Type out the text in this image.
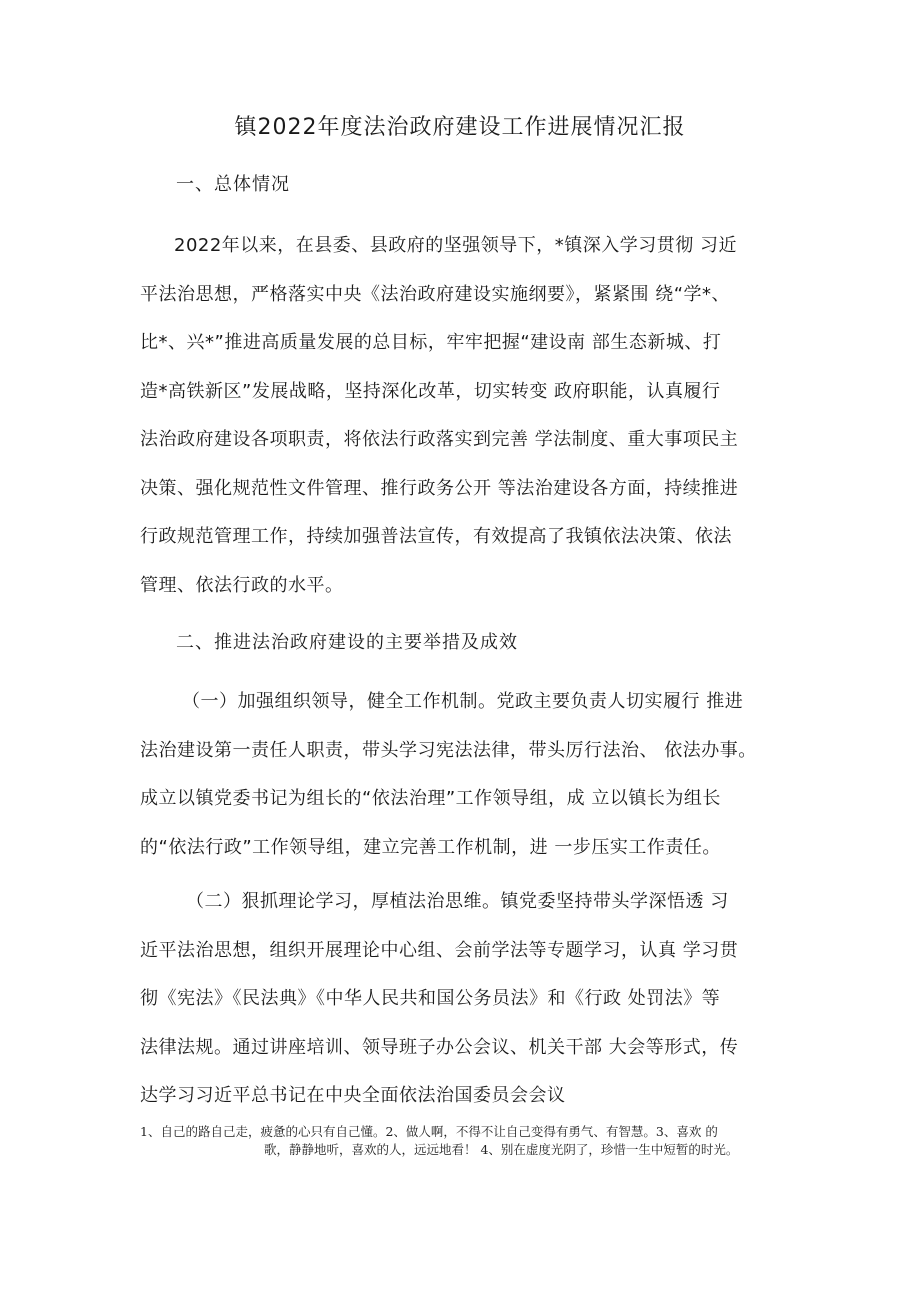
镇2022年度法治政府建设工作进展情况汇报
一、总体情况
2022年以来，在县委、县政府的坚强领导下，*镇深入学习贯彻 习近
平法治思想，严格落实中央《法治政府建设实施纲要》，紧紧围 绕“学*、
比*、兴*”推进高质量发展的总目标，牢牢把握“建设南 部生态新城、打
造*高铁新区”发展战略，坚持深化改革，切实转变 政府职能，认真履行
法治政府建设各项职责，将依法行政落实到完善 学法制度、重大事项民主
决策、强化规范性文件管理、推行政务公开 等法治建设各方面，持续推进
行政规范管理工作，持续加强普法宣传，有效提高了我镇依法决策、依法
管理、依法行政的水平。
二、推进法治政府建设的主要举措及成效
（一）加强组织领导，健全工作机制。党政主要负责人切实履行 推进
法治建设第一责任人职责，带头学习宪法法律，带头厉行法治、 依法办事。
成立以镇党委书记为组长的“依法治理”工作领导组，成 立以镇长为组长
的“依法行政”工作领导组，建立完善工作机制，进 一步压实工作责任。
（二）狠抓理论学习，厚植法治思维。镇党委坚持带头学深悟透 习
近平法治思想，组织开展理论中心组、会前学法等专题学习，认真 学习贯
彻《宪法》《民法典》《中华人民共和国公务员法》和《行政 处罚法》等
法律法规。通过讲座培训、领导班子办公会议、机关干部 大会等形式，传
达学习习近平总书记在中央全面依法治国委员会会议
1、自己的路自己走，疲惫的心只有自己懂。2、做人啊，不得不让自己变得有勇气、有智慧。3、喜欢 的
歌，静静地听，喜欢的人，远远地看！ 4、别在虚度光阴了，珍惜一生中短暂的时光。
